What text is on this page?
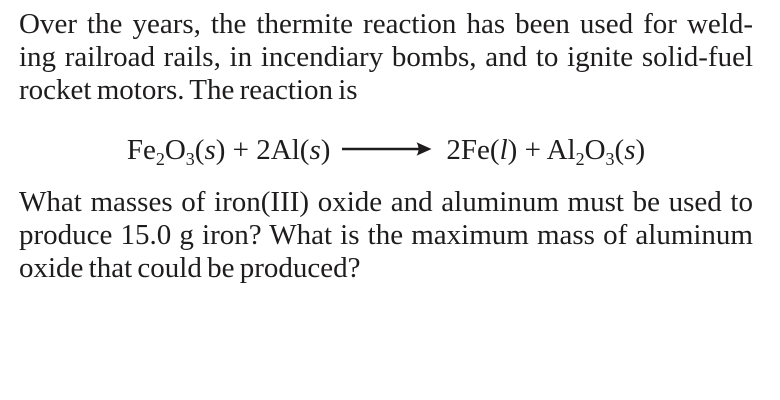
Over the years, the thermite reaction has been used for weld-
ing railroad rails, in incendiary bombs, and to ignite solid-fuel
rocket motors. The reaction is
$Fe_2O_3(s) + 2Al(s) \to 2Fe(l) + Al_2O_3(s)$
What masses of iron(III) oxide and aluminum must be used to
produce 15.0 g iron? What is the maximum mass of aluminum
oxide that could be produced?
